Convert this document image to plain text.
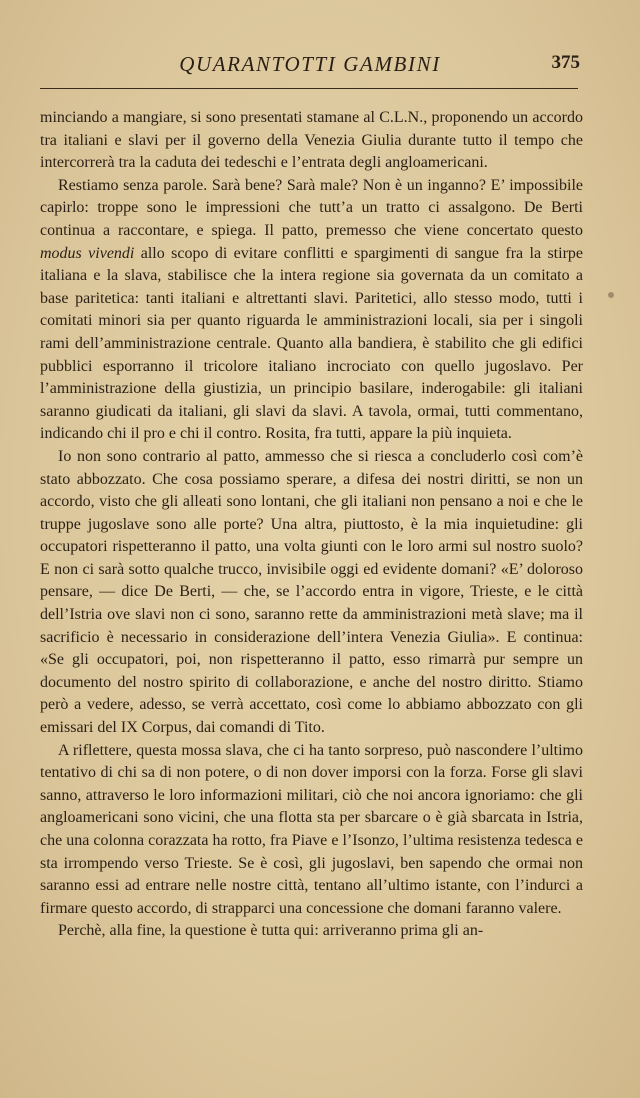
QUARANTOTTI GAMBINI	375

minciando a mangiare, si sono presentati stamane al C.L.N., proponendo un accordo tra italiani e slavi per il governo della Venezia Giulia durante tutto il tempo che intercorrerà tra la caduta dei tedeschi e l’entrata degli angloamericani.

Restiamo senza parole. Sarà bene? Sarà male? Non è un inganno? E’ impossibile capirlo: troppe sono le impressioni che tutt’a un tratto ci assalgono. De Berti continua a raccontare, e spiega. Il patto, premesso che viene concertato questo modus vivendi allo scopo di evitare conflitti e spargimenti di sangue fra la stirpe italiana e la slava, stabilisce che la intera regione sia governata da un comitato a base paritetica: tanti italiani e altrettanti slavi. Paritetici, allo stesso modo, tutti i comitati minori sia per quanto riguarda le amministrazioni locali, sia per i singoli rami dell’amministrazione centrale. Quanto alla bandiera, è stabilito che gli edifici pubblici esporranno il tricolore italiano incrociato con quello jugoslavo. Per l’amministrazione della giustizia, un principio basilare, inderogabile: gli italiani saranno giudicati da italiani, gli slavi da slavi. A tavola, ormai, tutti commentano, indicando chi il pro e chi il contro. Rosita, fra tutti, appare la più inquieta.

Io non sono contrario al patto, ammesso che si riesca a concluderlo così com’è stato abbozzato. Che cosa possiamo sperare, a difesa dei nostri diritti, se non un accordo, visto che gli alleati sono lontani, che gli italiani non pensano a noi e che le truppe jugoslave sono alle porte? Una altra, piuttosto, è la mia inquietudine: gli occupatori rispetteranno il patto, una volta giunti con le loro armi sul nostro suolo? E non ci sarà sotto qualche trucco, invisibile oggi ed evidente domani? «E’ doloroso pensare, — dice De Berti, — che, se l’accordo entra in vigore, Trieste, e le città dell’Istria ove slavi non ci sono, saranno rette da amministrazioni metà slave; ma il sacrificio è necessario in considerazione dell’intera Venezia Giulia». E continua: «Se gli occupatori, poi, non rispetteranno il patto, esso rimarrà pur sempre un documento del nostro spirito di collaborazione, e anche del nostro diritto. Stiamo però a vedere, adesso, se verrà accettato, così come lo abbiamo abbozzato con gli emissari del IX Corpus, dai comandi di Tito.

A riflettere, questa mossa slava, che ci ha tanto sorpreso, può nascondere l’ultimo tentativo di chi sa di non potere, o di non dover imporsi con la forza. Forse gli slavi sanno, attraverso le loro informazioni militari, ciò che noi ancora ignoriamo: che gli angloamericani sono vicini, che una flotta sta per sbarcare o è già sbarcata in Istria, che una colonna corazzata ha rotto, fra Piave e l’Isonzo, l’ultima resistenza tedesca e sta irrompendo verso Trieste. Se è così, gli jugoslavi, ben sapendo che ormai non saranno essi ad entrare nelle nostre città, tentano all’ultimo istante, con l’indurci a firmare questo accordo, di strapparci una concessione che domani faranno valere.

Perchè, alla fine, la questione è tutta qui: arriveranno prima gli an-
